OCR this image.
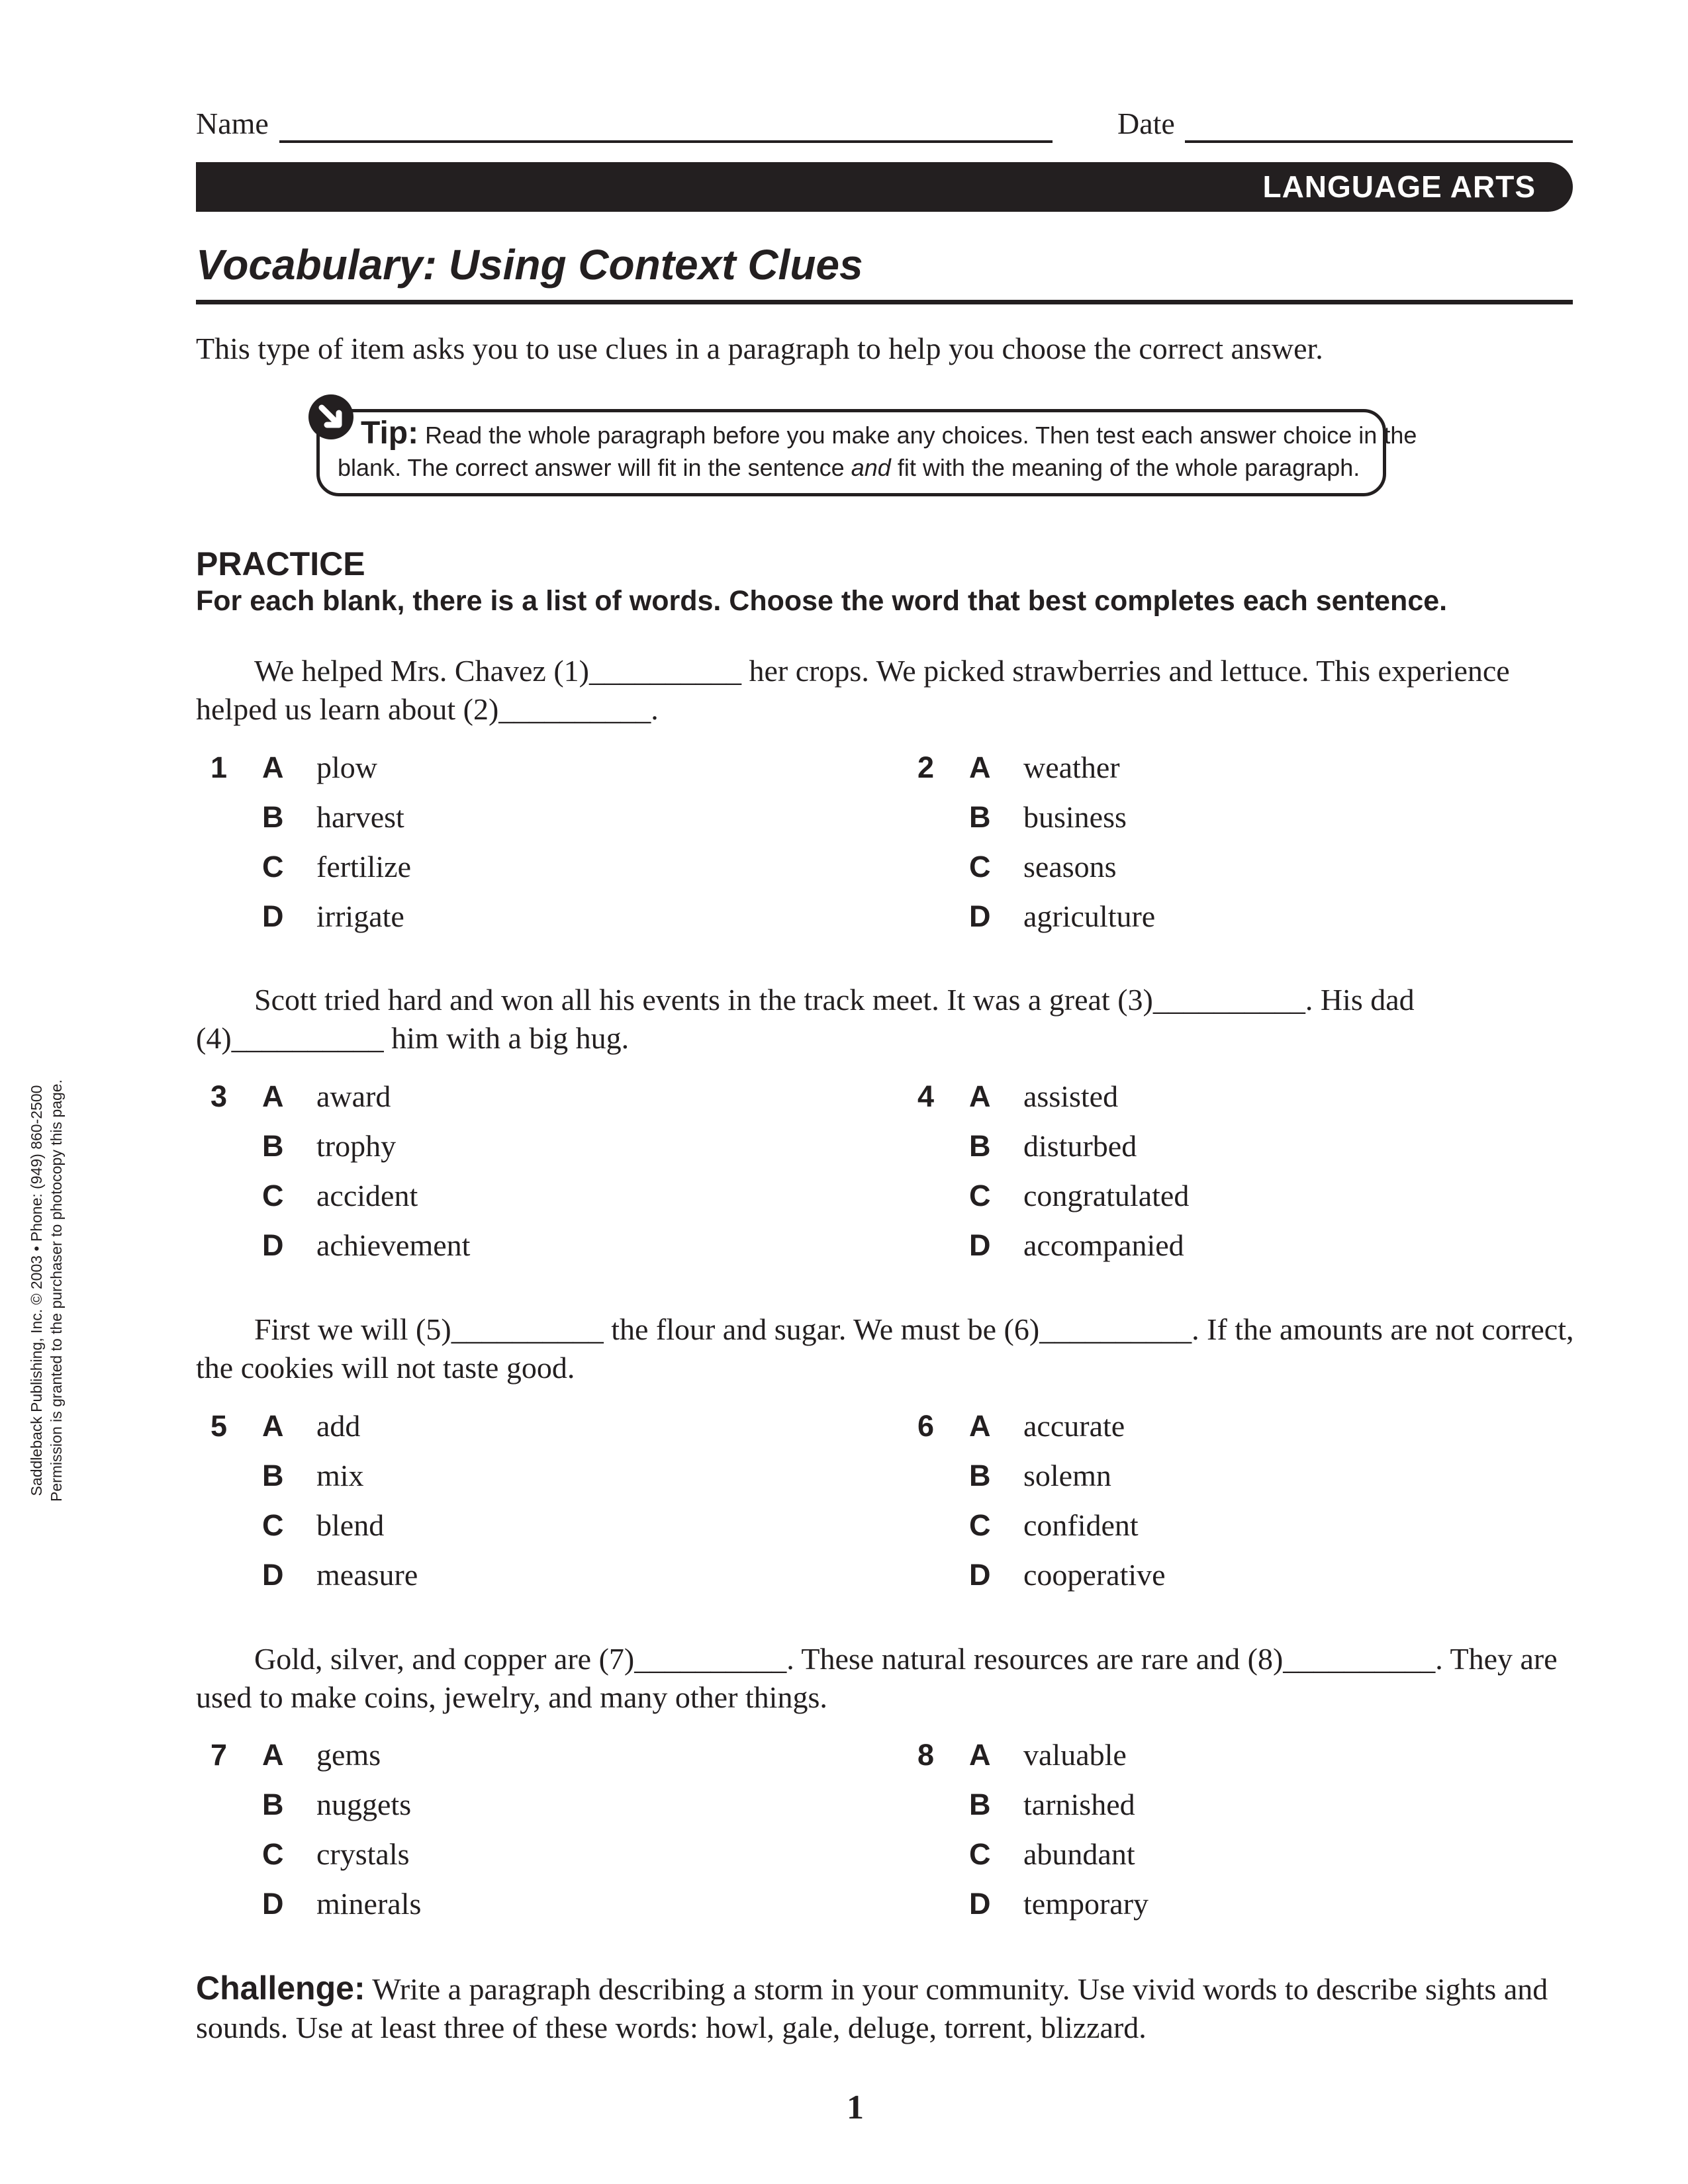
Name	Date
LANGUAGE ARTS
Vocabulary: Using Context Clues
This type of item asks you to use clues in a paragraph to help you choose the correct answer.
Tip: Read the whole paragraph before you make any choices. Then test each answer choice in the
blank. The correct answer will fit in the sentence and fit with the meaning of the whole paragraph.
PRACTICE
For each blank, there is a list of words. Choose the word that best completes each sentence.
We helped Mrs. Chavez (1)__________ her crops. We picked strawberries and lettuce. This experience helped us learn about (2)__________.
1 A plow
B harvest
C fertilize
D irrigate
2 A weather
B business
C seasons
D agriculture
Scott tried hard and won all his events in the track meet. It was a great (3)__________. His dad (4)__________ him with a big hug.
3 A award
B trophy
C accident
D achievement
4 A assisted
B disturbed
C congratulated
D accompanied
First we will (5)__________ the flour and sugar. We must be (6)__________. If the amounts are not correct, the cookies will not taste good.
5 A add
B mix
C blend
D measure
6 A accurate
B solemn
C confident
D cooperative
Gold, silver, and copper are (7)__________. These natural resources are rare and (8)__________. They are used to make coins, jewelry, and many other things.
7 A gems
B nuggets
C crystals
D minerals
8 A valuable
B tarnished
C abundant
D temporary
Challenge: Write a paragraph describing a storm in your community. Use vivid words to describe sights and sounds. Use at least three of these words: howl, gale, deluge, torrent, blizzard.
1
Saddleback Publishing, Inc. © 2003 • Phone: (949) 860-2500 Permission is granted to the purchaser to photocopy this page.
